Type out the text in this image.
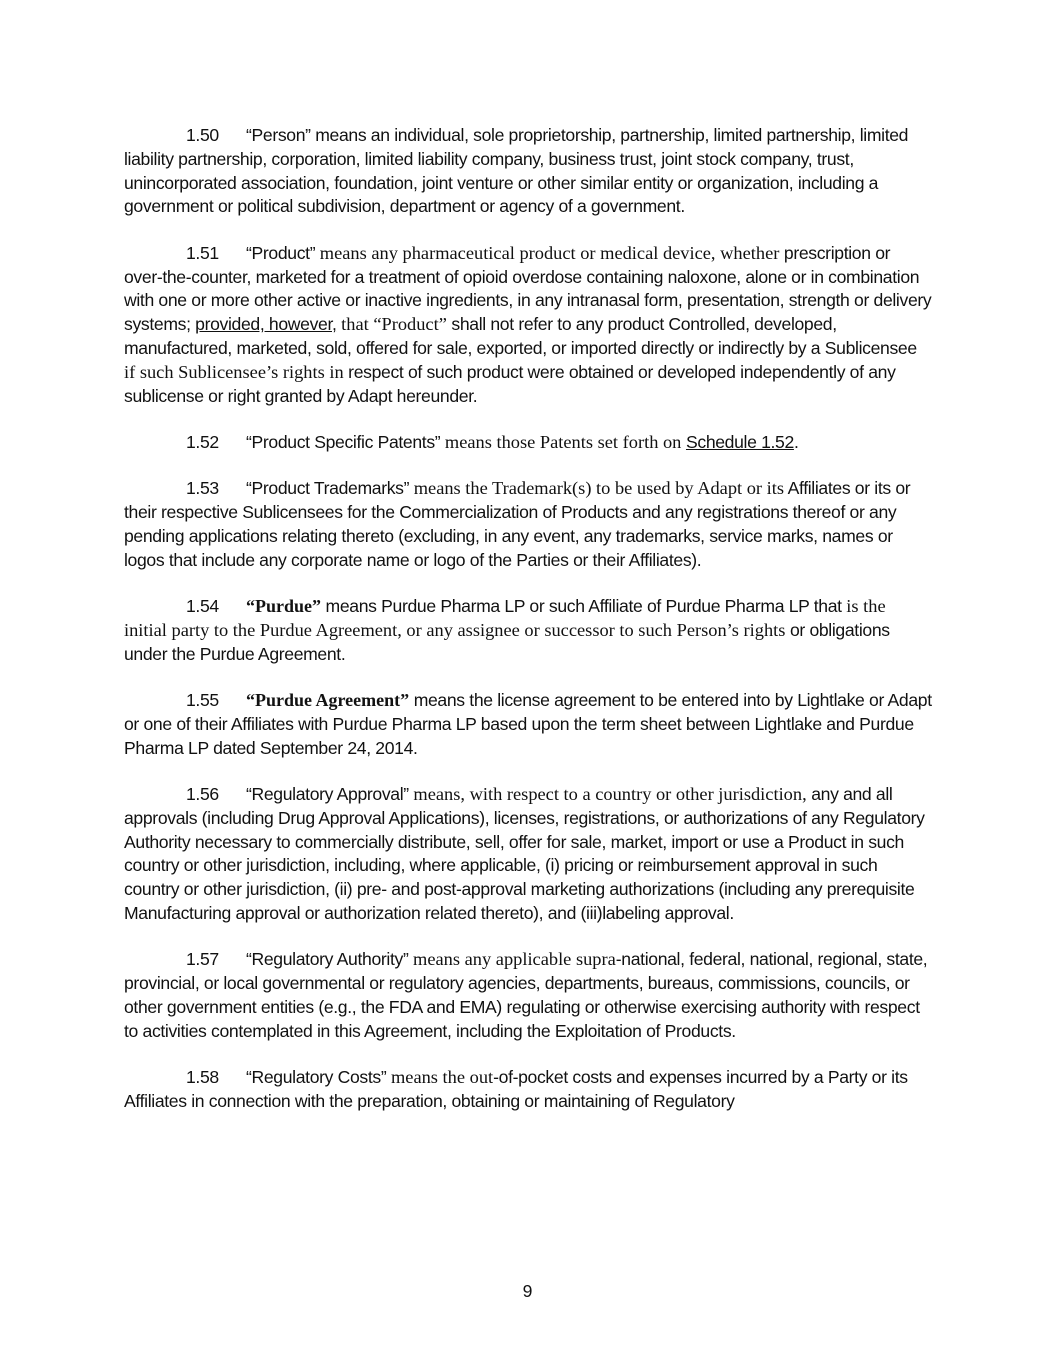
1.50 “Person” means an individual, sole proprietorship, partnership, limited partnership, limited liability partnership, corporation, limited liability company, business trust, joint stock company, trust, unincorporated association, foundation, joint venture or other similar entity or organization, including a government or political subdivision, department or agency of a government.

1.51 “Product” means any pharmaceutical product or medical device, whether prescription or over-the-counter, marketed for a treatment of opioid overdose containing naloxone, alone or in combination with one or more other active or inactive ingredients, in any intranasal form, presentation, strength or delivery systems; provided, however, that “Product” shall not refer to any product Controlled, developed, manufactured, marketed, sold, offered for sale, exported, or imported directly or indirectly by a Sublicensee if such Sublicensee’s rights in respect of such product were obtained or developed independently of any sublicense or right granted by Adapt hereunder.

1.52 “Product Specific Patents” means those Patents set forth on Schedule 1.52.

1.53 “Product Trademarks” means the Trademark(s) to be used by Adapt or its Affiliates or its or their respective Sublicensees for the Commercialization of Products and any registrations thereof or any pending applications relating thereto (excluding, in any event, any trademarks, service marks, names or logos that include any corporate name or logo of the Parties or their Affiliates).

1.54 “Purdue” means Purdue Pharma LP or such Affiliate of Purdue Pharma LP that is the initial party to the Purdue Agreement, or any assignee or successor to such Person’s rights or obligations under the Purdue Agreement.

1.55 “Purdue Agreement” means the license agreement to be entered into by Lightlake or Adapt or one of their Affiliates with Purdue Pharma LP based upon the term sheet between Lightlake and Purdue Pharma LP dated September 24, 2014.

1.56 “Regulatory Approval” means, with respect to a country or other jurisdiction, any and all approvals (including Drug Approval Applications), licenses, registrations, or authorizations of any Regulatory Authority necessary to commercially distribute, sell, offer for sale, market, import or use a Product in such country or other jurisdiction, including, where applicable, (i) pricing or reimbursement approval in such country or other jurisdiction, (ii) pre- and post-approval marketing authorizations (including any prerequisite Manufacturing approval or authorization related thereto), and (iii)labeling approval.

1.57 “Regulatory Authority” means any applicable supra-national, federal, national, regional, state, provincial, or local governmental or regulatory agencies, departments, bureaus, commissions, councils, or other government entities (e.g., the FDA and EMA) regulating or otherwise exercising authority with respect to activities contemplated in this Agreement, including the Exploitation of Products.

1.58 “Regulatory Costs” means the out-of-pocket costs and expenses incurred by a Party or its Affiliates in connection with the preparation, obtaining or maintaining of Regulatory

9
